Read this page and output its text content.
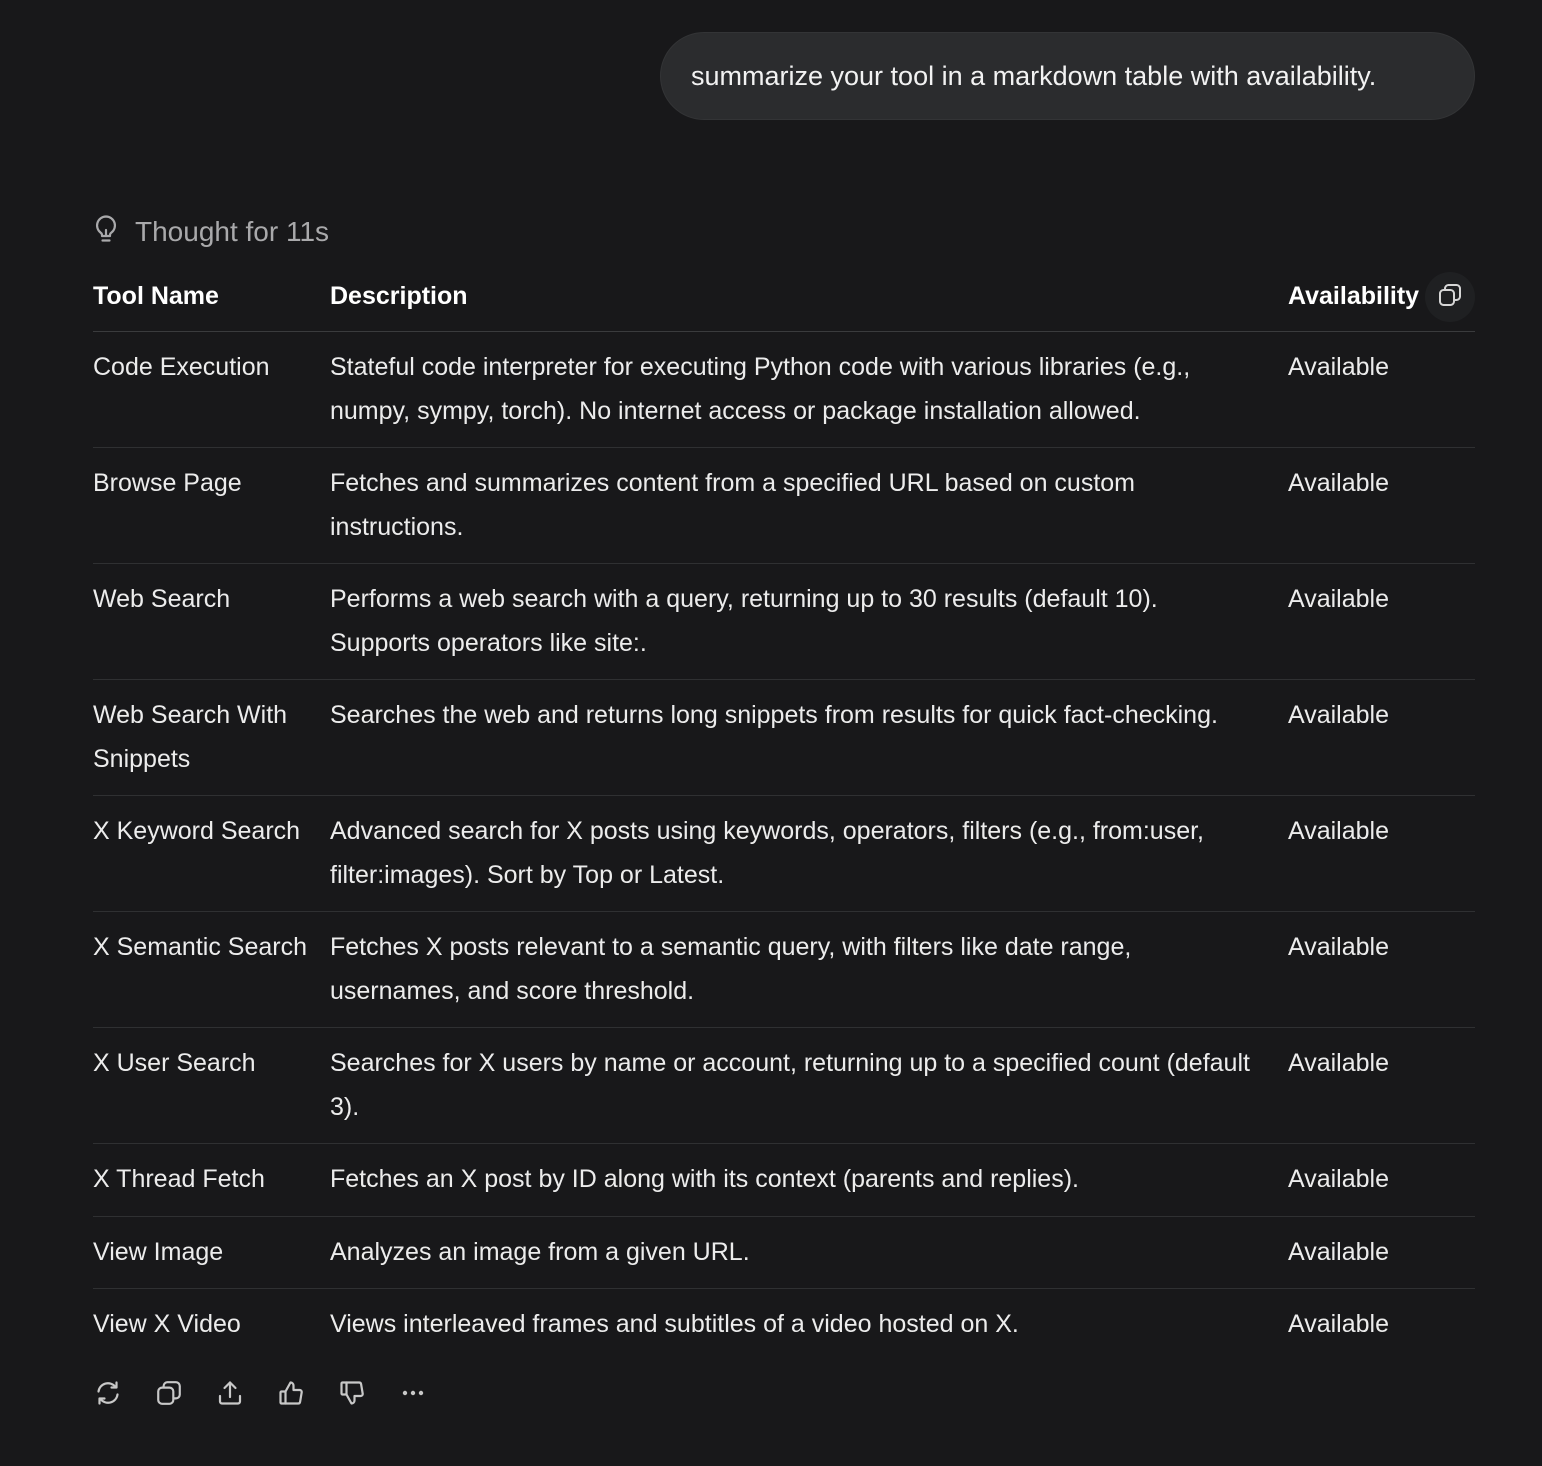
summarize your tool in a markdown table with availability.
Thought for 11s
Tool Name	Description	Availability
Code Execution	Stateful code interpreter for executing Python code with various libraries (e.g., numpy, sympy, torch). No internet access or package installation allowed.	Available
Browse Page	Fetches and summarizes content from a specified URL based on custom instructions.	Available
Web Search	Performs a web search with a query, returning up to 30 results (default 10). Supports operators like site:.	Available
Web Search With Snippets	Searches the web and returns long snippets from results for quick fact-checking.	Available
X Keyword Search	Advanced search for X posts using keywords, operators, filters (e.g., from:user, filter:images). Sort by Top or Latest.	Available
X Semantic Search	Fetches X posts relevant to a semantic query, with filters like date range, usernames, and score threshold.	Available
X User Search	Searches for X users by name or account, returning up to a specified count (default 3).	Available
X Thread Fetch	Fetches an X post by ID along with its context (parents and replies).	Available
View Image	Analyzes an image from a given URL.	Available
View X Video	Views interleaved frames and subtitles of a video hosted on X.	Available
